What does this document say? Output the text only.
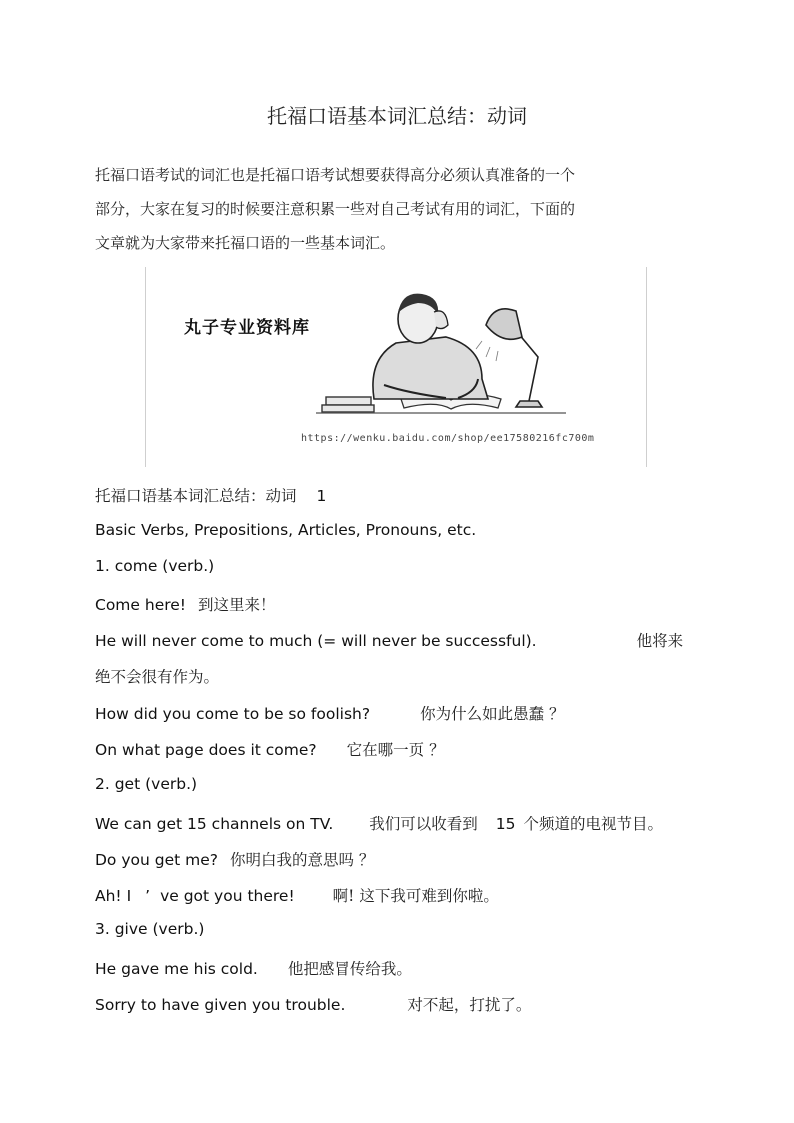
托福口语基本词汇总结：动词
托福口语考试的词汇也是托福口语考试想要获得高分必须认真准备的一个
部分，大家在复习的时候要注意积累一些对自己考试有用的词汇，下面的
文章就为大家带来托福口语的一些基本词汇。
丸子专业资料库
https://wenku.baidu.com/shop/ee17580216fc700m
托福口语基本词汇总结：动词 1
Basic Verbs, Prepositions, Articles, Pronouns, etc.
1. come (verb.)
Come here! 到这里来！
He will never come to much (= will never be successful).	他将来
绝不会很有作为。
How did you come to be so foolish?	你为什么如此愚蠢 ？
On what page does it come? 它在哪一页 ？
2. get (verb.)
We can get 15 channels on TV. 我们可以收看到 15 个频道的电视节目。
Do you get me? 你明白我的意思吗 ？
Ah! I ’ ve got you there! 啊! 这下我可难到你啦。
3. give (verb.)
He gave me his cold. 他把感冒传给我。
Sorry to have given you trouble.	对不起，打扰了。
